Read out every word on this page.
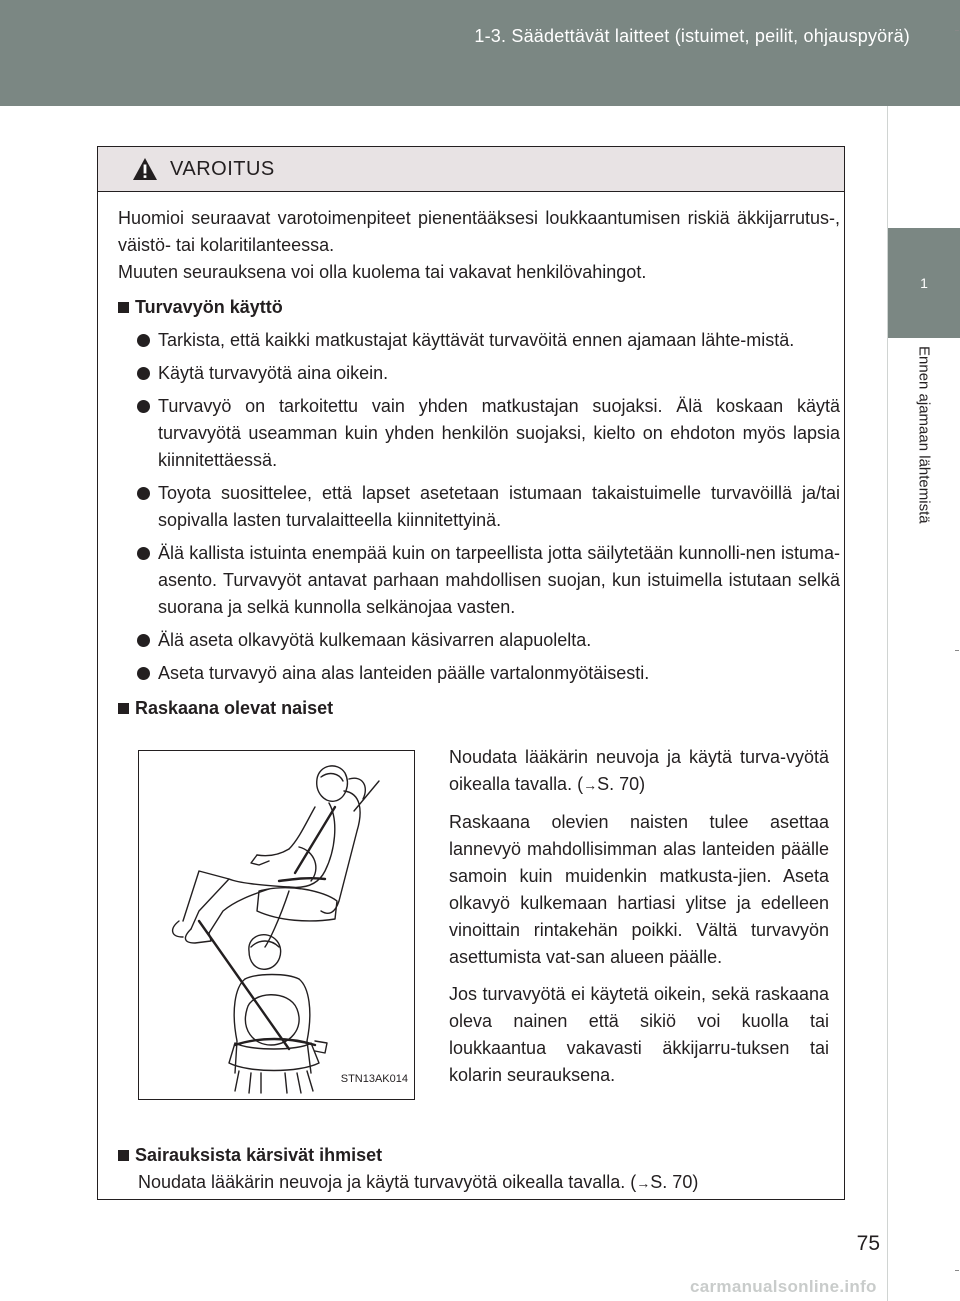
1-3. Säädettävät laitteet (istuimet, peilit, ohjauspyörä)
1
Ennen ajamaan lähtemistä
VAROITUS

Huomioi seuraavat varotoimenpiteet pienentääksesi loukkaantumisen riskiä äkkijarrutus-, väistö- tai kolaritilanteessa.

Muuten seurauksena voi olla kuolema tai vakavat henkilövahingot.

Turvavyön käyttö
Tarkista, että kaikki matkustajat käyttävät turvavöitä ennen ajamaan lähte-mistä.
Käytä turvavyötä aina oikein.
Turvavyö on tarkoitettu vain yhden matkustajan suojaksi. Älä koskaan käytä turvavyötä useamman kuin yhden henkilön suojaksi, kielto on ehdoton myös lapsia kiinnitettäessä.
Toyota suosittelee, että lapset asetetaan istumaan takaistuimelle turvavöillä ja/tai sopivalla lasten turvalaitteella kiinnitettyinä.
Älä kallista istuinta enempää kuin on tarpeellista jotta säilytetään kunnolli-nen istuma-asento. Turvavyöt antavat parhaan mahdollisen suojan, kun istuimella istutaan selkä suorana ja selkä kunnolla selkänojaa vasten.
Älä aseta olkavyötä kulkemaan käsivarren alapuolelta.
Aseta turvavyö aina alas lanteiden päälle vartalonmyötäisesti.
Raskaana olevat naiset
STN13AK014

Noudata lääkärin neuvoja ja käytä turva-vyötä oikealla tavalla. (→S. 70)

Raskaana olevien naisten tulee asettaa lannevyö mahdollisimman alas lanteiden päälle samoin kuin muidenkin matkusta-jien. Aseta olkavyö kulkemaan hartiasi ylitse ja edelleen vinoittain rintakehän poikki. Vältä turvavyön asettumista vat-san alueen päälle.

Jos turvavyötä ei käytetä oikein, sekä raskaana oleva nainen että sikiö voi kuolla tai loukkaantua vakavasti äkkijarru-tuksen tai kolarin seurauksena.

Sairauksista kärsivät ihmiset
Noudata lääkärin neuvoja ja käytä turvavyötä oikealla tavalla. (→S. 70)
75
carmanualsonline.info
